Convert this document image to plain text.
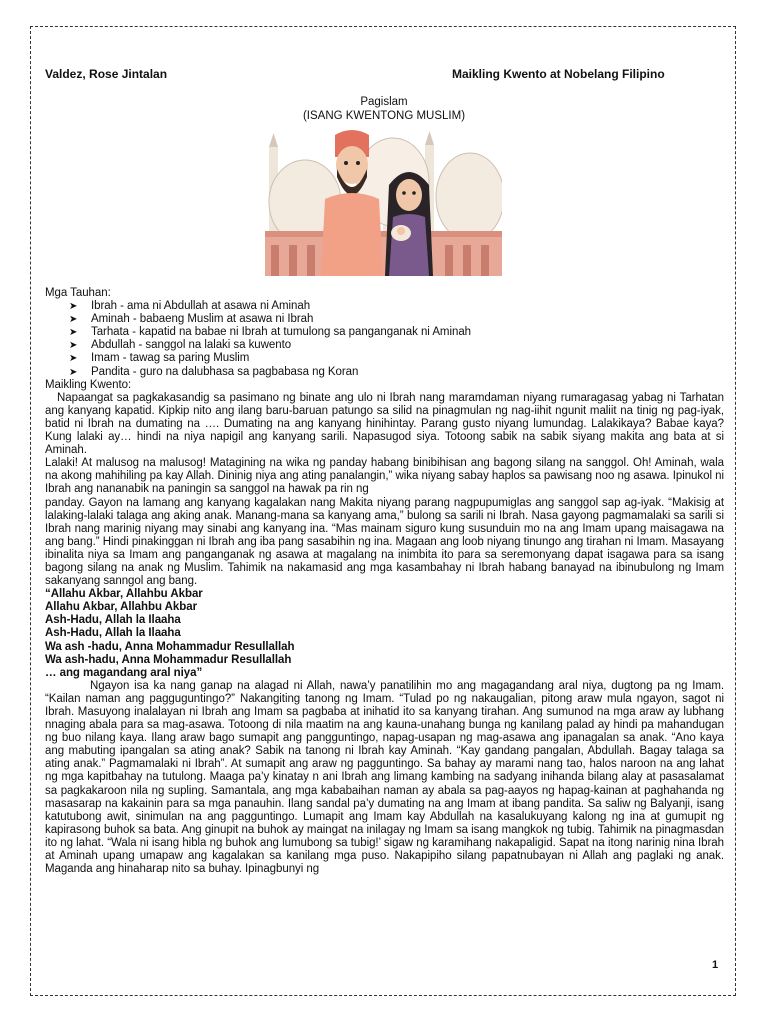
Valdez, Rose Jintalan	Maikling Kwento at Nobelang Filipino
Pagislam
(ISANG KWENTONG MUSLIM)

Mga Tauhan:

➤ Ibrah - ama ni Abdullah at asawa ni Aminah
➤ Aminah - babaeng Muslim at asawa ni Ibrah
➤ Tarhata - kapatid na babae ni Ibrah at tumulong sa panganganak ni Aminah
➤ Abdullah - sanggol na lalaki sa kuwento
➤ Imam - tawag sa paring Muslim
➤ Pandita - guro na dalubhasa sa pagbabasa ng Koran

Maikling Kwento:

Napaangat sa pagkakasandig sa pasimano ng binate ang ulo ni Ibrah nang maramdaman niyang rumaragasag yabag ni Tarhatan ang kanyang kapatid. Kipkip nito ang ilang baru-baruan patungo sa silid na pinagmulan ng nag-iihit ngunit maliit na tinig ng pag-iyak, batid ni Ibrah na dumating na …. Dumating na ang kanyang hinihintay. Parang gusto niyang lumundag. Lalakikaya? Babae kaya? Kung lalaki ay… hindi na niya napigil ang kanyang sarili. Napasugod siya. Totoong sabik na sabik siyang makita ang bata at si Aminah.

Lalaki! At malusog na malusog! Matagining na wika ng panday habang binibihisan ang bagong silang na sanggol. Oh! Aminah, wala na akong mahihiling pa kay Allah. Dininig niya ang ating panalangin,” wika niyang sabay haplos sa pawisang noo ng asawa. Ipinukol ni Ibrah ang nananabik na paningin sa sanggol na hawak pa rin ng

panday. Gayon na lamang ang kanyang kagalakan nang Makita niyang parang nagpupumiglas ang sanggol sap ag-iyak. “Makisig at lalaking-lalaki talaga ang aking anak. Manang-mana sa kanyang ama,” bulong sa sarili ni Ibrah. Nasa gayong pagmamalaki sa sarili si Ibrah nang marinig niyang may sinabi ang kanyang ina. “Mas mainam siguro kung susunduin mo na ang Imam upang maisagawa na ang bang.” Hindi pinakinggan ni Ibrah ang iba pang sasabihin ng ina. Magaan ang loob niyang tinungo ang tirahan ni Imam. Masayang ibinalita niya sa Imam ang panganganak ng asawa at magalang na inimbita ito para sa seremonyang dapat isagawa para sa isang bagong silang na anak ng Muslim. Tahimik na nakamasid ang mga kasambahay ni Ibrah habang banayad na ibinubulong ng Imam sakanyang sanngol ang bang.

“Allahu Akbar, Allahbu Akbar

Allahu Akbar, Allahbu Akbar

Ash-Hadu, Allah la Ilaaha

Ash-Hadu, Allah la Ilaaha

Wa ash -hadu, Anna Mohammadur Resullallah

Wa ash-hadu, Anna Mohammadur Resullallah

… ang magandang aral niya”

Ngayon isa ka nang ganap na alagad ni Allah, nawa’y panatilihin mo ang magagandang aral niya, dugtong pa ng Imam. “Kailan naman ang pagguguntingo?” Nakangiting tanong ng Imam. “Tulad po ng nakaugalian, pitong araw mula ngayon, sagot ni Ibrah. Masuyong inalalayan ni Ibrah ang Imam sa pagbaba at inihatid ito sa kanyang tirahan. Ang sumunod na mga araw ay lubhang nnaging abala para sa mag-asawa. Totoong di nila maatim na ang kauna-unahang bunga ng kanilang palad ay hindi pa mahandugan ng buo nilang kaya. Ilang araw bago sumapit ang pangguntingo, napag-usapan ng mag-asawa ang ipanagalan sa anak. “Ano kaya ang mabuting ipangalan sa ating anak? Sabik na tanong ni Ibrah kay Aminah. “Kay gandang pangalan, Abdullah. Bagay talaga sa ating anak.” Pagmamalaki ni Ibrah”. At sumapit ang araw ng pagguntingo. Sa bahay ay marami nang tao, halos naroon na ang lahat ng mga kapitbahay na tutulong. Maaga pa’y kinatay n ani Ibrah ang limang kambing na sadyang inihanda bilang alay at pasasalamat sa pagkakaroon nila ng supling. Samantala, ang mga kababaihan naman ay abala sa pag-aayos ng hapag-kainan at paghahanda ng masasarap na kakainin para sa mga panauhin. Ilang sandal pa’y dumating na ang Imam at ibang pandita. Sa saliw ng Balyanji, isang katutubong awit, sinimulan na ang pagguntingo. Lumapit ang Imam kay Abdullah na kasalukuyang kalong ng ina at gumupit ng kapirasong buhok sa bata. Ang ginupit na buhok ay maingat na inilagay ng Imam sa isang mangkok ng tubig. Tahimik na pinagmasdan ito ng lahat. “Wala ni isang hibla ng buhok ang lumubong sa tubig!’ sigaw ng karamihang nakapaligid. Sapat na itong narinig nina Ibrah at Aminah upang umapaw ang kagalakan sa kanilang mga puso. Nakapipiho silang papatnubayan ni Allah ang paglaki ng anak. Maganda ang hinaharap nito sa buhay. Ipinagbunyi ng

1
